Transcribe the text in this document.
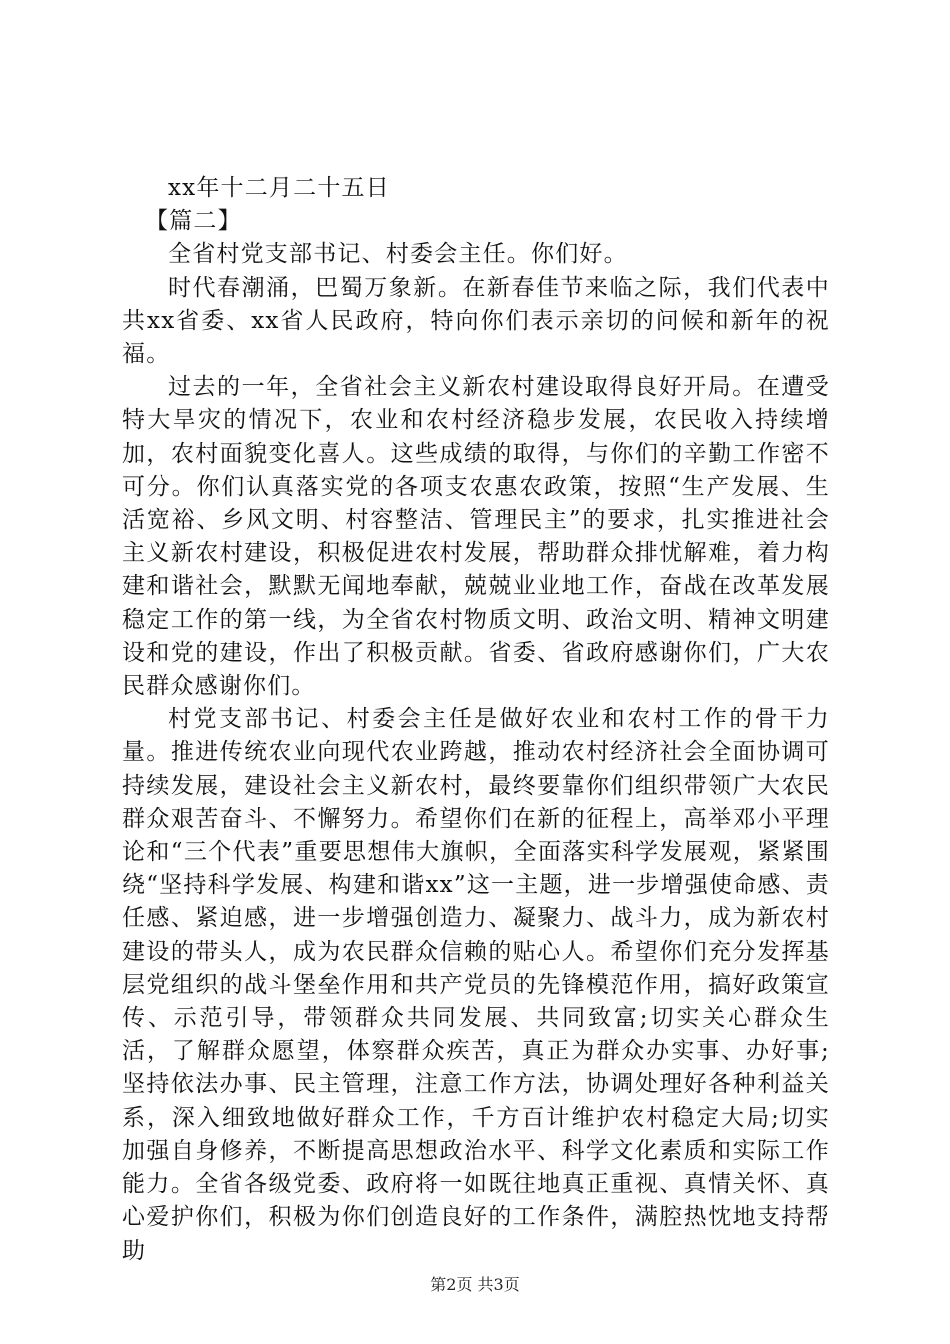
xx年十二月二十五日

【篇二】

全省村党支部书记、村委会主任。你们好。

时代春潮涌，巴蜀万象新。在新春佳节来临之际，我们代表中共xx省委、xx省人民政府，特向你们表示亲切的问候和新年的祝福。

过去的一年，全省社会主义新农村建设取得良好开局。在遭受特大旱灾的情况下，农业和农村经济稳步发展，农民收入持续增加，农村面貌变化喜人。这些成绩的取得，与你们的辛勤工作密不可分。你们认真落实党的各项支农惠农政策，按照“生产发展、生活宽裕、乡风文明、村容整洁、管理民主”的要求，扎实推进社会主义新农村建设，积极促进农村发展，帮助群众排忧解难，着力构建和谐社会，默默无闻地奉献，兢兢业业地工作，奋战在改革发展稳定工作的第一线，为全省农村物质文明、政治文明、精神文明建设和党的建设，作出了积极贡献。省委、省政府感谢你们，广大农民群众感谢你们。

村党支部书记、村委会主任是做好农业和农村工作的骨干力量。推进传统农业向现代农业跨越，推动农村经济社会全面协调可持续发展，建设社会主义新农村，最终要靠你们组织带领广大农民群众艰苦奋斗、不懈努力。希望你们在新的征程上，高举邓小平理论和“三个代表”重要思想伟大旗帜，全面落实科学发展观，紧紧围绕“坚持科学发展、构建和谐xx”这一主题，进一步增强使命感、责任感、紧迫感，进一步增强创造力、凝聚力、战斗力，成为新农村建设的带头人，成为农民群众信赖的贴心人。希望你们充分发挥基层党组织的战斗堡垒作用和共产党员的先锋模范作用，搞好政策宣传、示范引导，带领群众共同发展、共同致富;切实关心群众生活，了解群众愿望，体察群众疾苦，真正为群众办实事、办好事;坚持依法办事、民主管理，注意工作方法，协调处理好各种利益关系，深入细致地做好群众工作，千方百计维护农村稳定大局;切实加强自身修养，不断提高思想政治水平、科学文化素质和实际工作能力。全省各级党委、政府将一如既往地真正重视、真情关怀、真心爱护你们，积极为你们创造良好的工作条件，满腔热忱地支持帮助

第2页 共3页
